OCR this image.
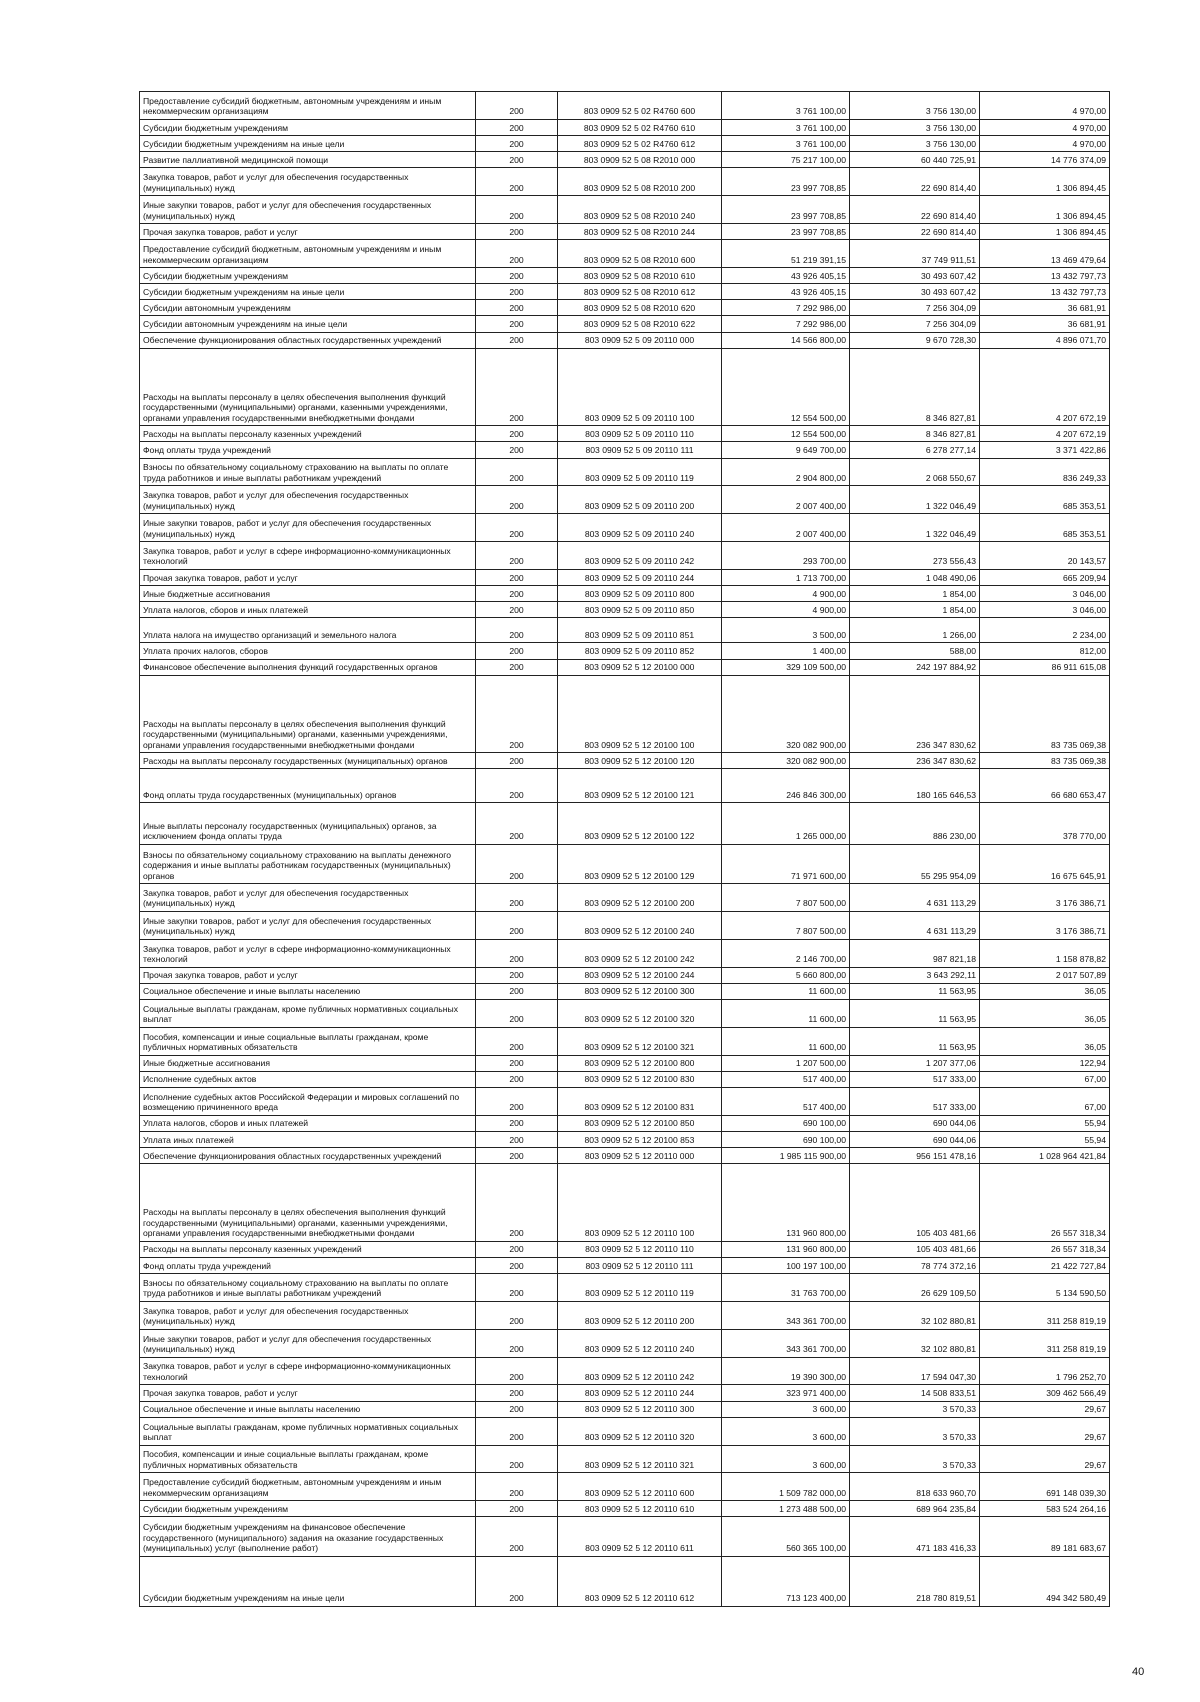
Предоставление субсидий бюджетным, автономным учреждениям и иным некоммерческим организациям	200	803 0909 52 5 02 R4760 600	3 761 100,00	3 756 130,00	4 970,00
Субсидии бюджетным учреждениям	200	803 0909 52 5 02 R4760 610	3 761 100,00	3 756 130,00	4 970,00
Субсидии бюджетным учреждениям на иные цели	200	803 0909 52 5 02 R4760 612	3 761 100,00	3 756 130,00	4 970,00
Развитие паллиативной медицинской помощи	200	803 0909 52 5 08 R2010 000	75 217 100,00	60 440 725,91	14 776 374,09
Закупка товаров, работ и услуг для обеспечения государственных (муниципальных) нужд	200	803 0909 52 5 08 R2010 200	23 997 708,85	22 690 814,40	1 306 894,45
Иные закупки товаров, работ и услуг для обеспечения государственных (муниципальных) нужд	200	803 0909 52 5 08 R2010 240	23 997 708,85	22 690 814,40	1 306 894,45
Прочая закупка товаров, работ и услуг	200	803 0909 52 5 08 R2010 244	23 997 708,85	22 690 814,40	1 306 894,45
Предоставление субсидий бюджетным, автономным учреждениям и иным некоммерческим организациям	200	803 0909 52 5 08 R2010 600	51 219 391,15	37 749 911,51	13 469 479,64
Субсидии бюджетным учреждениям	200	803 0909 52 5 08 R2010 610	43 926 405,15	30 493 607,42	13 432 797,73
Субсидии бюджетным учреждениям на иные цели	200	803 0909 52 5 08 R2010 612	43 926 405,15	30 493 607,42	13 432 797,73
Субсидии автономным учреждениям	200	803 0909 52 5 08 R2010 620	7 292 986,00	7 256 304,09	36 681,91
Субсидии автономным учреждениям на иные цели	200	803 0909 52 5 08 R2010 622	7 292 986,00	7 256 304,09	36 681,91
Обеспечение функционирования областных государственных учреждений	200	803 0909 52 5 09 20110 000	14 566 800,00	9 670 728,30	4 896 071,70
Расходы на выплаты персоналу в целях обеспечения выполнения функций государственными (муниципальными) органами, казенными учреждениями, органами управления государственными внебюджетными фондами	200	803 0909 52 5 09 20110 100	12 554 500,00	8 346 827,81	4 207 672,19
Расходы на выплаты персоналу казенных учреждений	200	803 0909 52 5 09 20110 110	12 554 500,00	8 346 827,81	4 207 672,19
Фонд оплаты труда учреждений	200	803 0909 52 5 09 20110 111	9 649 700,00	6 278 277,14	3 371 422,86
Взносы по обязательному социальному страхованию на выплаты по оплате труда работников и иные выплаты работникам учреждений	200	803 0909 52 5 09 20110 119	2 904 800,00	2 068 550,67	836 249,33
Закупка товаров, работ и услуг для обеспечения государственных (муниципальных) нужд	200	803 0909 52 5 09 20110 200	2 007 400,00	1 322 046,49	685 353,51
Иные закупки товаров, работ и услуг для обеспечения государственных (муниципальных) нужд	200	803 0909 52 5 09 20110 240	2 007 400,00	1 322 046,49	685 353,51
Закупка товаров, работ и услуг в сфере информационно-коммуникационных технологий	200	803 0909 52 5 09 20110 242	293 700,00	273 556,43	20 143,57
Прочая закупка товаров, работ и услуг	200	803 0909 52 5 09 20110 244	1 713 700,00	1 048 490,06	665 209,94
Иные бюджетные ассигнования	200	803 0909 52 5 09 20110 800	4 900,00	1 854,00	3 046,00
Уплата налогов, сборов и иных платежей	200	803 0909 52 5 09 20110 850	4 900,00	1 854,00	3 046,00
Уплата налога на имущество организаций и земельного налога	200	803 0909 52 5 09 20110 851	3 500,00	1 266,00	2 234,00
Уплата прочих налогов, сборов	200	803 0909 52 5 09 20110 852	1 400,00	588,00	812,00
Финансовое обеспечение выполнения функций государственных органов	200	803 0909 52 5 12 20100 000	329 109 500,00	242 197 884,92	86 911 615,08
Расходы на выплаты персоналу в целях обеспечения выполнения функций государственными (муниципальными) органами, казенными учреждениями, органами управления государственными внебюджетными фондами	200	803 0909 52 5 12 20100 100	320 082 900,00	236 347 830,62	83 735 069,38
Расходы на выплаты персоналу государственных (муниципальных) органов	200	803 0909 52 5 12 20100 120	320 082 900,00	236 347 830,62	83 735 069,38
Фонд оплаты труда государственных (муниципальных) органов	200	803 0909 52 5 12 20100 121	246 846 300,00	180 165 646,53	66 680 653,47
Иные выплаты персоналу государственных (муниципальных) органов, за исключением фонда оплаты труда	200	803 0909 52 5 12 20100 122	1 265 000,00	886 230,00	378 770,00
Взносы по обязательному социальному страхованию на выплаты денежного содержания и иные выплаты работникам государственных (муниципальных) органов	200	803 0909 52 5 12 20100 129	71 971 600,00	55 295 954,09	16 675 645,91
Закупка товаров, работ и услуг для обеспечения государственных (муниципальных) нужд	200	803 0909 52 5 12 20100 200	7 807 500,00	4 631 113,29	3 176 386,71
Иные закупки товаров, работ и услуг для обеспечения государственных (муниципальных) нужд	200	803 0909 52 5 12 20100 240	7 807 500,00	4 631 113,29	3 176 386,71
Закупка товаров, работ и услуг в сфере информационно-коммуникационных технологий	200	803 0909 52 5 12 20100 242	2 146 700,00	987 821,18	1 158 878,82
Прочая закупка товаров, работ и услуг	200	803 0909 52 5 12 20100 244	5 660 800,00	3 643 292,11	2 017 507,89
Социальное обеспечение и иные выплаты населению	200	803 0909 52 5 12 20100 300	11 600,00	11 563,95	36,05
Социальные выплаты гражданам, кроме публичных нормативных социальных выплат	200	803 0909 52 5 12 20100 320	11 600,00	11 563,95	36,05
Пособия, компенсации и иные социальные выплаты гражданам, кроме публичных нормативных обязательств	200	803 0909 52 5 12 20100 321	11 600,00	11 563,95	36,05
Иные бюджетные ассигнования	200	803 0909 52 5 12 20100 800	1 207 500,00	1 207 377,06	122,94
Исполнение судебных актов	200	803 0909 52 5 12 20100 830	517 400,00	517 333,00	67,00
Исполнение судебных актов Российской Федерации и мировых соглашений по возмещению причиненного вреда	200	803 0909 52 5 12 20100 831	517 400,00	517 333,00	67,00
Уплата налогов, сборов и иных платежей	200	803 0909 52 5 12 20100 850	690 100,00	690 044,06	55,94
Уплата иных платежей	200	803 0909 52 5 12 20100 853	690 100,00	690 044,06	55,94
Обеспечение функционирования областных государственных учреждений	200	803 0909 52 5 12 20110 000	1 985 115 900,00	956 151 478,16	1 028 964 421,84
Расходы на выплаты персоналу в целях обеспечения выполнения функций государственными (муниципальными) органами, казенными учреждениями, органами управления государственными внебюджетными фондами	200	803 0909 52 5 12 20110 100	131 960 800,00	105 403 481,66	26 557 318,34
Расходы на выплаты персоналу казенных учреждений	200	803 0909 52 5 12 20110 110	131 960 800,00	105 403 481,66	26 557 318,34
Фонд оплаты труда учреждений	200	803 0909 52 5 12 20110 111	100 197 100,00	78 774 372,16	21 422 727,84
Взносы по обязательному социальному страхованию на выплаты по оплате труда работников и иные выплаты работникам учреждений	200	803 0909 52 5 12 20110 119	31 763 700,00	26 629 109,50	5 134 590,50
Закупка товаров, работ и услуг для обеспечения государственных (муниципальных) нужд	200	803 0909 52 5 12 20110 200	343 361 700,00	32 102 880,81	311 258 819,19
Иные закупки товаров, работ и услуг для обеспечения государственных (муниципальных) нужд	200	803 0909 52 5 12 20110 240	343 361 700,00	32 102 880,81	311 258 819,19
Закупка товаров, работ и услуг в сфере информационно-коммуникационных технологий	200	803 0909 52 5 12 20110 242	19 390 300,00	17 594 047,30	1 796 252,70
Прочая закупка товаров, работ и услуг	200	803 0909 52 5 12 20110 244	323 971 400,00	14 508 833,51	309 462 566,49
Социальное обеспечение и иные выплаты населению	200	803 0909 52 5 12 20110 300	3 600,00	3 570,33	29,67
Социальные выплаты гражданам, кроме публичных нормативных социальных выплат	200	803 0909 52 5 12 20110 320	3 600,00	3 570,33	29,67
Пособия, компенсации и иные социальные выплаты гражданам, кроме публичных нормативных обязательств	200	803 0909 52 5 12 20110 321	3 600,00	3 570,33	29,67
Предоставление субсидий бюджетным, автономным учреждениям и иным некоммерческим организациям	200	803 0909 52 5 12 20110 600	1 509 782 000,00	818 633 960,70	691 148 039,30
Субсидии бюджетным учреждениям	200	803 0909 52 5 12 20110 610	1 273 488 500,00	689 964 235,84	583 524 264,16
Субсидии бюджетным учреждениям на финансовое обеспечение государственного (муниципального) задания на оказание государственных (муниципальных) услуг (выполнение работ)	200	803 0909 52 5 12 20110 611	560 365 100,00	471 183 416,33	89 181 683,67
Субсидии бюджетным учреждениям на иные цели	200	803 0909 52 5 12 20110 612	713 123 400,00	218 780 819,51	494 342 580,49
40
